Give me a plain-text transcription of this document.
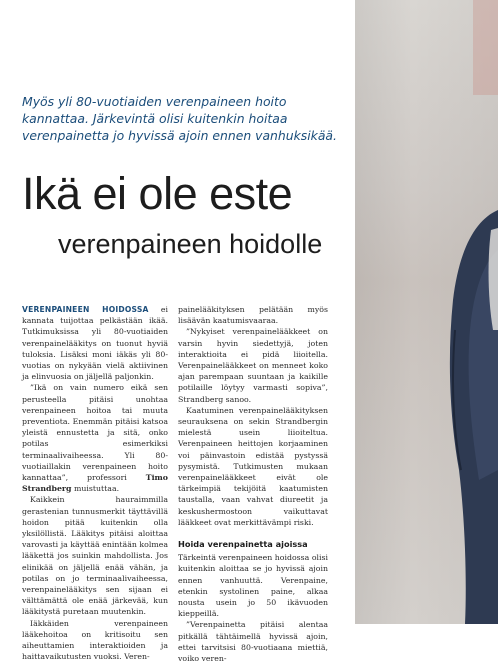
Myös yli 80-vuotiaiden verenpaineen hoito kannattaa. Järkevintä olisi kuitenkin hoitaa verenpainetta jo hyvissä ajoin ennen vanhuksikää.
Ikä ei ole este
verenpaineen hoidolle

VERENPAINEEN HOIDOSSA ei kannata tuijottaa pelkästään ikää. Tutkimuksissa yli 80-vuotiaiden verenpainelääkitys on tuonut hyviä tuloksia. Lisäksi moni iäkäs yli 80-vuotias on nykyään vielä aktiivinen ja elinvuosia on jäljellä paljonkin.

”Ikä on vain numero eikä sen perusteella pitäisi unohtaa verenpaineen hoitoa tai muuta preventiota. Enemmän pitäisi katsoa yleistä ennustetta ja sitä, onko potilas esimerkiksi terminaalivaiheessa. Yli 80-vuotiaillakin verenpaineen hoito kannattaa”, professori Timo Strandberg muistuttaa.

Kaikkein hauraimmilla gerastenian tunnusmerkit täyttävillä hoidon pitää kuitenkin olla yksilöllistä. Lääkitys pitäisi aloittaa varovasti ja käyttää enintään kolmea lääkettä jos suinkin mahdollista. Jos elinikää on jäljellä enää vähän, ja potilas on jo terminaalivaiheessa, verenpainelääkitys sen sijaan ei välttämättä ole enää järkevää, kun lääkitystä puretaan muutenkin.

Iäkkäiden verenpaineen lääkehoitoa on kritisoitu sen aiheuttamien interaktioiden ja haittavaikutusten vuoksi. Veren-

painelääkityksen pelätään myös lisäävän kaatumisvaaraa.

”Nykyiset verenpainelääkkeet on varsin hyvin siedettyjä, joten interaktioita ei pidä liioitella. Verenpainelääkkeet on menneet koko ajan parempaan suuntaan ja kaikille potilaille löytyy varmasti sopiva”, Strandberg sanoo.

Kaatuminen verenpainelääkityksen seurauksena on sekin Strandbergin mielestä usein liioiteltua. Verenpaineen heittojen korjaaminen voi päinvastoin edistää pystyssä pysymistä. Tutkimusten mukaan verenpainelääkkeet eivät ole tärkeimpiä tekijöitä kaatumisten taustalla, vaan vahvat diureetit ja keskushermostoon vaikuttavat lääkkeet ovat merkittävämpi riski.

Hoida verenpainetta ajoissa

Tärkeintä verenpaineen hoidossa olisi kuitenkin aloittaa se jo hyvissä ajoin ennen vanhuuttä. Verenpaine, etenkin systolinen paine, alkaa nousta usein jo 50 ikävuoden kieppeillä.

”Verenpainetta pitäisi alentaa pitkällä tähtäimellä hyvissä ajoin, ettei tarvitsisi 80-vuotiaana miettiä, voiko veren-
